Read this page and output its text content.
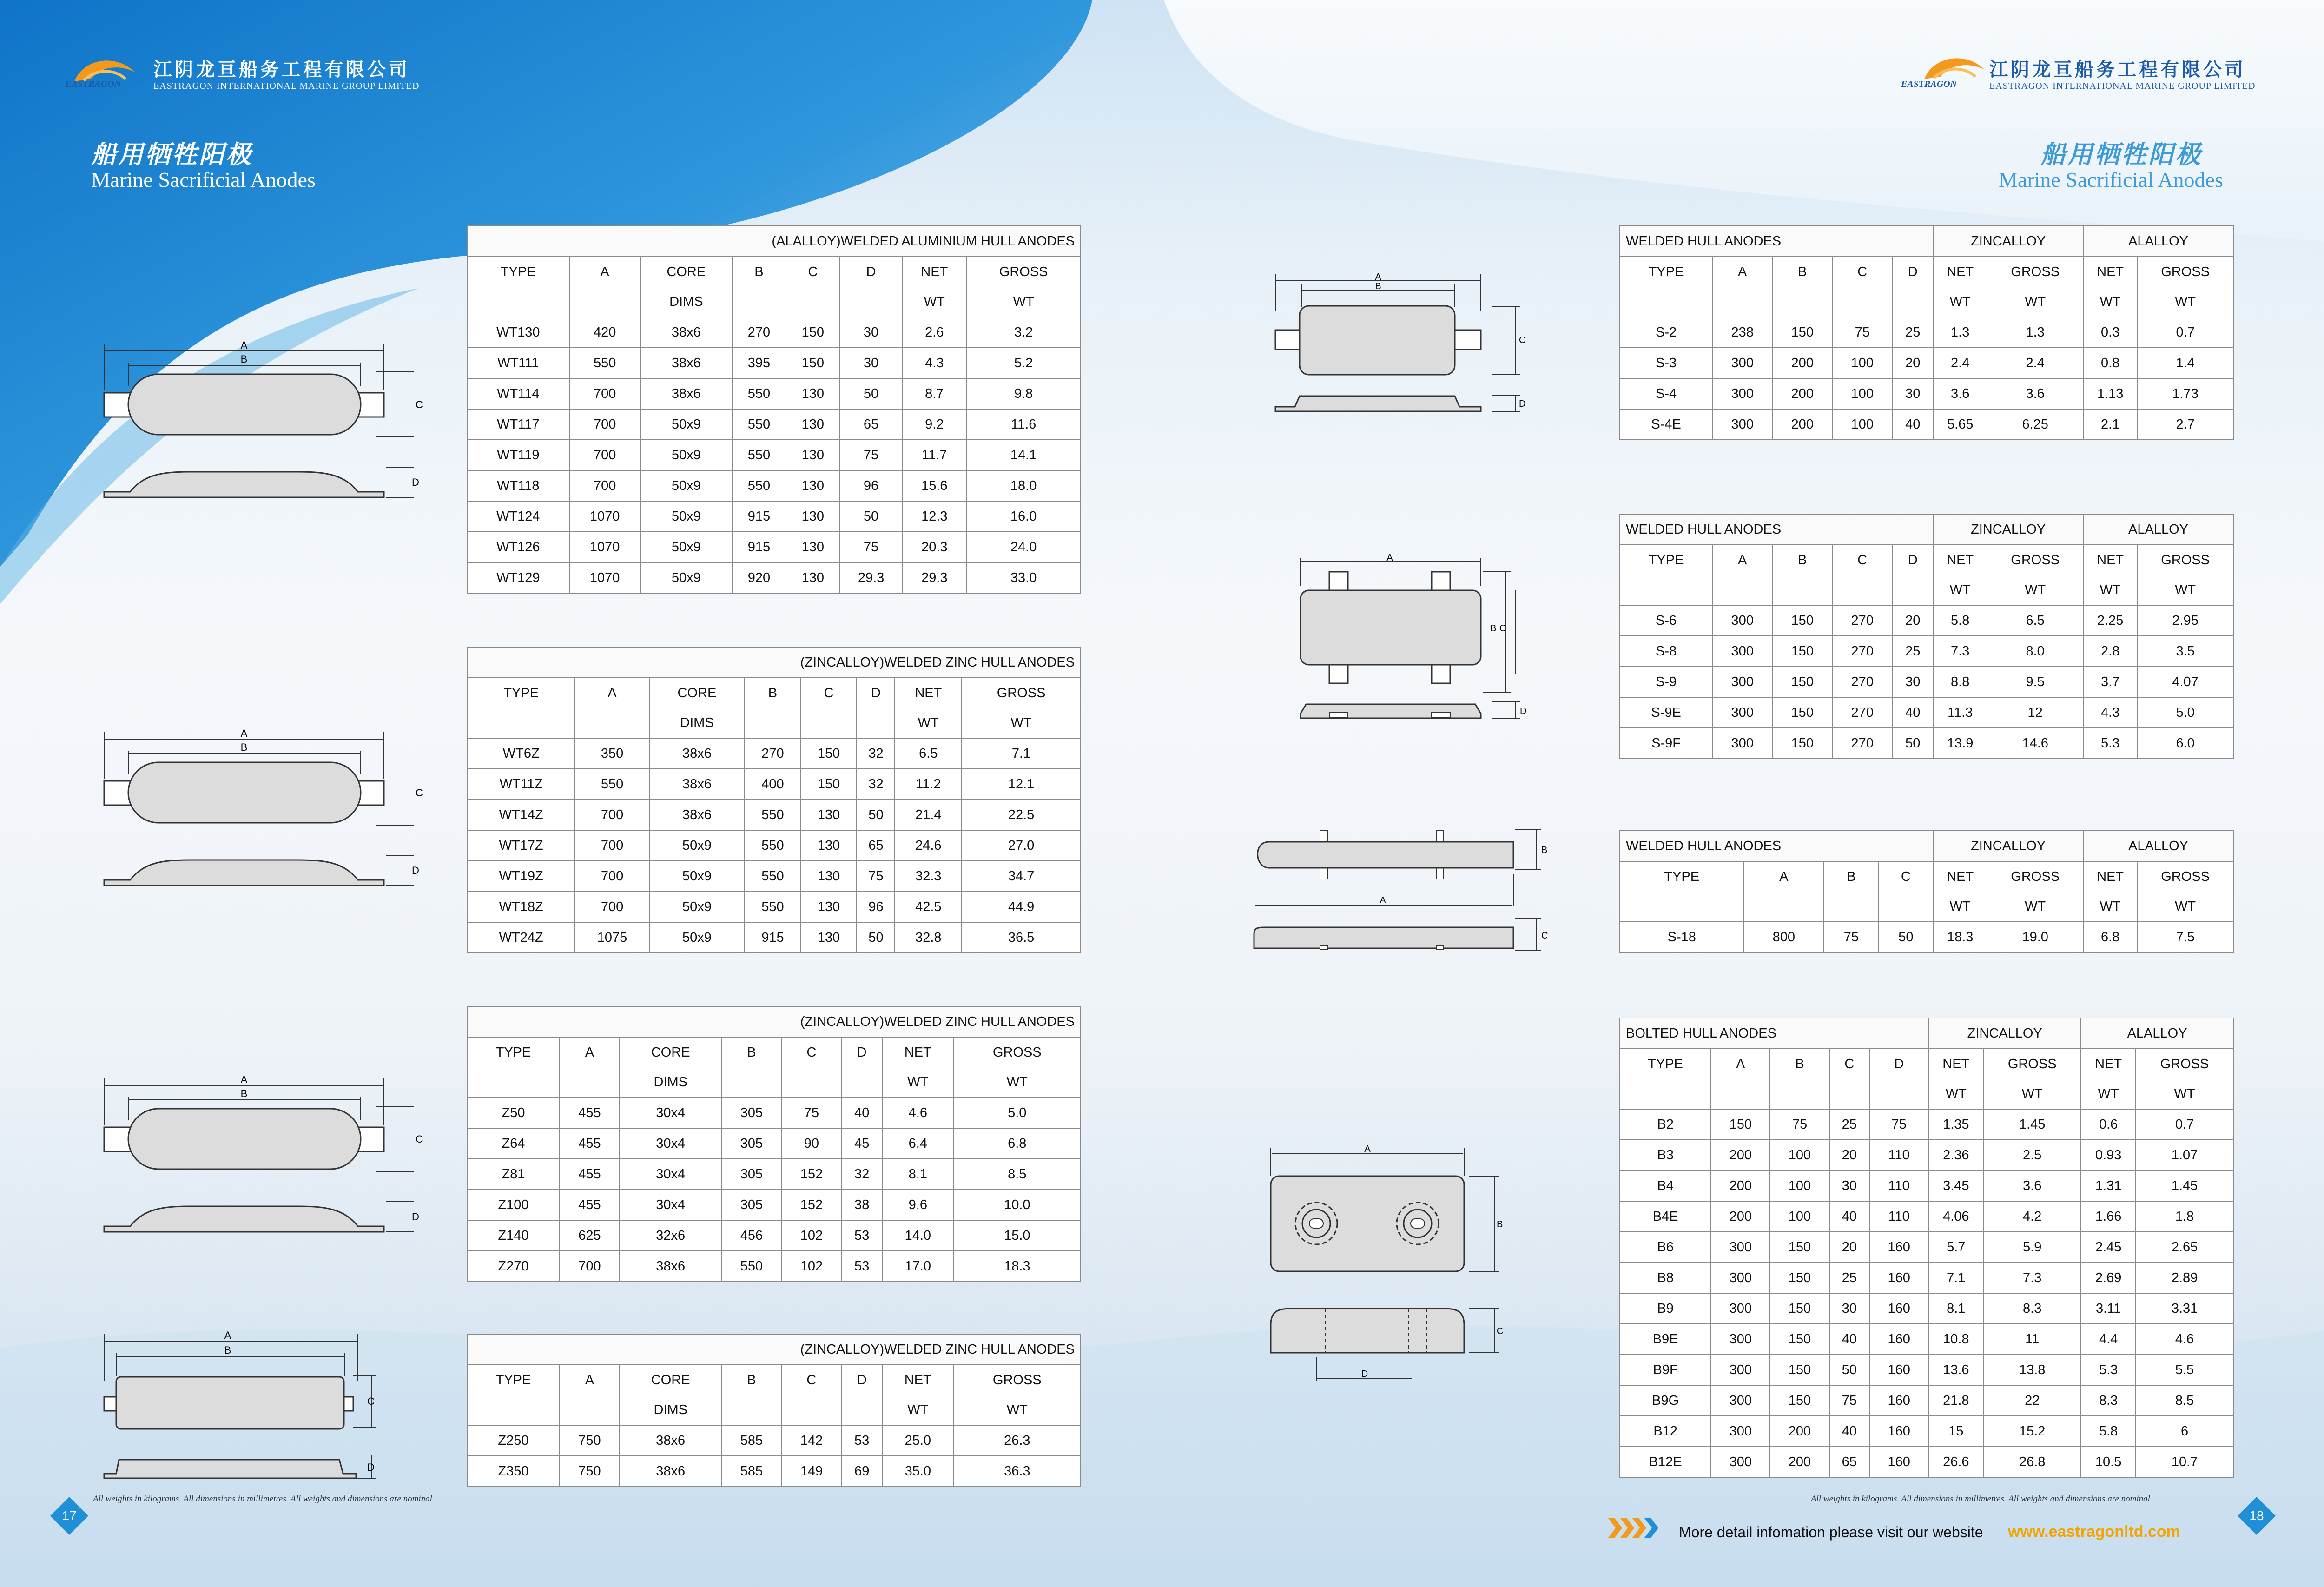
EASTRAGON
江阴龙亘船务工程有限公司
EASTRAGON INTERNATIONAL MARINE GROUP LIMITED
船用牺牲阳极
Marine Sacrificial Anodes
EASTRAGON
江阴龙亘船务工程有限公司
EASTRAGON INTERNATIONAL MARINE GROUP LIMITED
船用牺牲阳极
Marine Sacrificial Anodes
(ALALLOY)WELDED ALUMINIUM HULL ANODES							
TYPE	A	CORE	B	C	D	NET	GROSS
		DIMS				WT	WT
WT130	420	38x6	270	150	30	2.6	3.2
WT111	550	38x6	395	150	30	4.3	5.2
WT114	700	38x6	550	130	50	8.7	9.8
WT117	700	50x9	550	130	65	9.2	11.6
WT119	700	50x9	550	130	75	11.7	14.1
WT118	700	50x9	550	130	96	15.6	18.0
WT124	1070	50x9	915	130	50	12.3	16.0
WT126	1070	50x9	915	130	75	20.3	24.0
WT129	1070	50x9	920	130	29.3	29.3	33.0
(ZINCALLOY)WELDED ZINC HULL ANODES							
TYPE	A	CORE	B	C	D	NET	GROSS
		DIMS				WT	WT
WT6Z	350	38x6	270	150	32	6.5	7.1
WT11Z	550	38x6	400	150	32	11.2	12.1
WT14Z	700	38x6	550	130	50	21.4	22.5
WT17Z	700	50x9	550	130	65	24.6	27.0
WT19Z	700	50x9	550	130	75	32.3	34.7
WT18Z	700	50x9	550	130	96	42.5	44.9
WT24Z	1075	50x9	915	130	50	32.8	36.5
(ZINCALLOY)WELDED ZINC HULL ANODES							
TYPE	A	CORE	B	C	D	NET	GROSS
		DIMS				WT	WT
Z50	455	30x4	305	75	40	4.6	5.0
Z64	455	30x4	305	90	45	6.4	6.8
Z81	455	30x4	305	152	32	8.1	8.5
Z100	455	30x4	305	152	38	9.6	10.0
Z140	625	32x6	456	102	53	14.0	15.0
Z270	700	38x6	550	102	53	17.0	18.3
(ZINCALLOY)WELDED ZINC HULL ANODES							
TYPE	A	CORE	B	C	D	NET	GROSS
		DIMS				WT	WT
Z250	750	38x6	585	142	53	25.0	26.3
Z350	750	38x6	585	149	69	35.0	36.3
WELDED HULL ANODES					ZINCALLOY		ALALLOY	
TYPE	A	B	C	D	NET	GROSS	NET	GROSS
					WT	WT	WT	WT
S-2	238	150	75	25	1.3	1.3	0.3	0.7
S-3	300	200	100	20	2.4	2.4	0.8	1.4
S-4	300	200	100	30	3.6	3.6	1.13	1.73
S-4E	300	200	100	40	5.65	6.25	2.1	2.7
WELDED HULL ANODES					ZINCALLOY		ALALLOY	
TYPE	A	B	C	D	NET	GROSS	NET	GROSS
					WT	WT	WT	WT
S-6	300	150	270	20	5.8	6.5	2.25	2.95
S-8	300	150	270	25	7.3	8.0	2.8	3.5
S-9	300	150	270	30	8.8	9.5	3.7	4.07
S-9E	300	150	270	40	11.3	12	4.3	5.0
S-9F	300	150	270	50	13.9	14.6	5.3	6.0
WELDED HULL ANODES				ZINCALLOY		ALALLOY	
TYPE	A	B	C	NET	GROSS	NET	GROSS
				WT	WT	WT	WT
S-18	800	75	50	18.3	19.0	6.8	7.5
BOLTED HULL ANODES					ZINCALLOY		ALALLOY	
TYPE	A	B	C	D	NET	GROSS	NET	GROSS
					WT	WT	WT	WT
B2	150	75	25	75	1.35	1.45	0.6	0.7
B3	200	100	20	110	2.36	2.5	0.93	1.07
B4	200	100	30	110	3.45	3.6	1.31	1.45
B4E	200	100	40	110	4.06	4.2	1.66	1.8
B6	300	150	20	160	5.7	5.9	2.45	2.65
B8	300	150	25	160	7.1	7.3	2.69	2.89
B9	300	150	30	160	8.1	8.3	3.11	3.31
B9E	300	150	40	160	10.8	11	4.4	4.6
B9F	300	150	50	160	13.6	13.8	5.3	5.5
B9G	300	150	75	160	21.8	22	8.3	8.5
B12	300	200	40	160	15	15.2	5.8	6
B12E	300	200	65	160	26.6	26.8	10.5	10.7
A
B
C
D
A
B
C
D
A
B
C
D
A
B
C
D
A
B
C
D
A
B C
D
B
A
C
A
B
C
D
17
All weights in kilograms. All dimensions in millimetres. All weights and dimensions are nominal.	All weights in kilograms. All dimensions in millimetres. All weights and dimensions are nominal.
18
More detail infomation please visit our website www.eastragonltd.com
